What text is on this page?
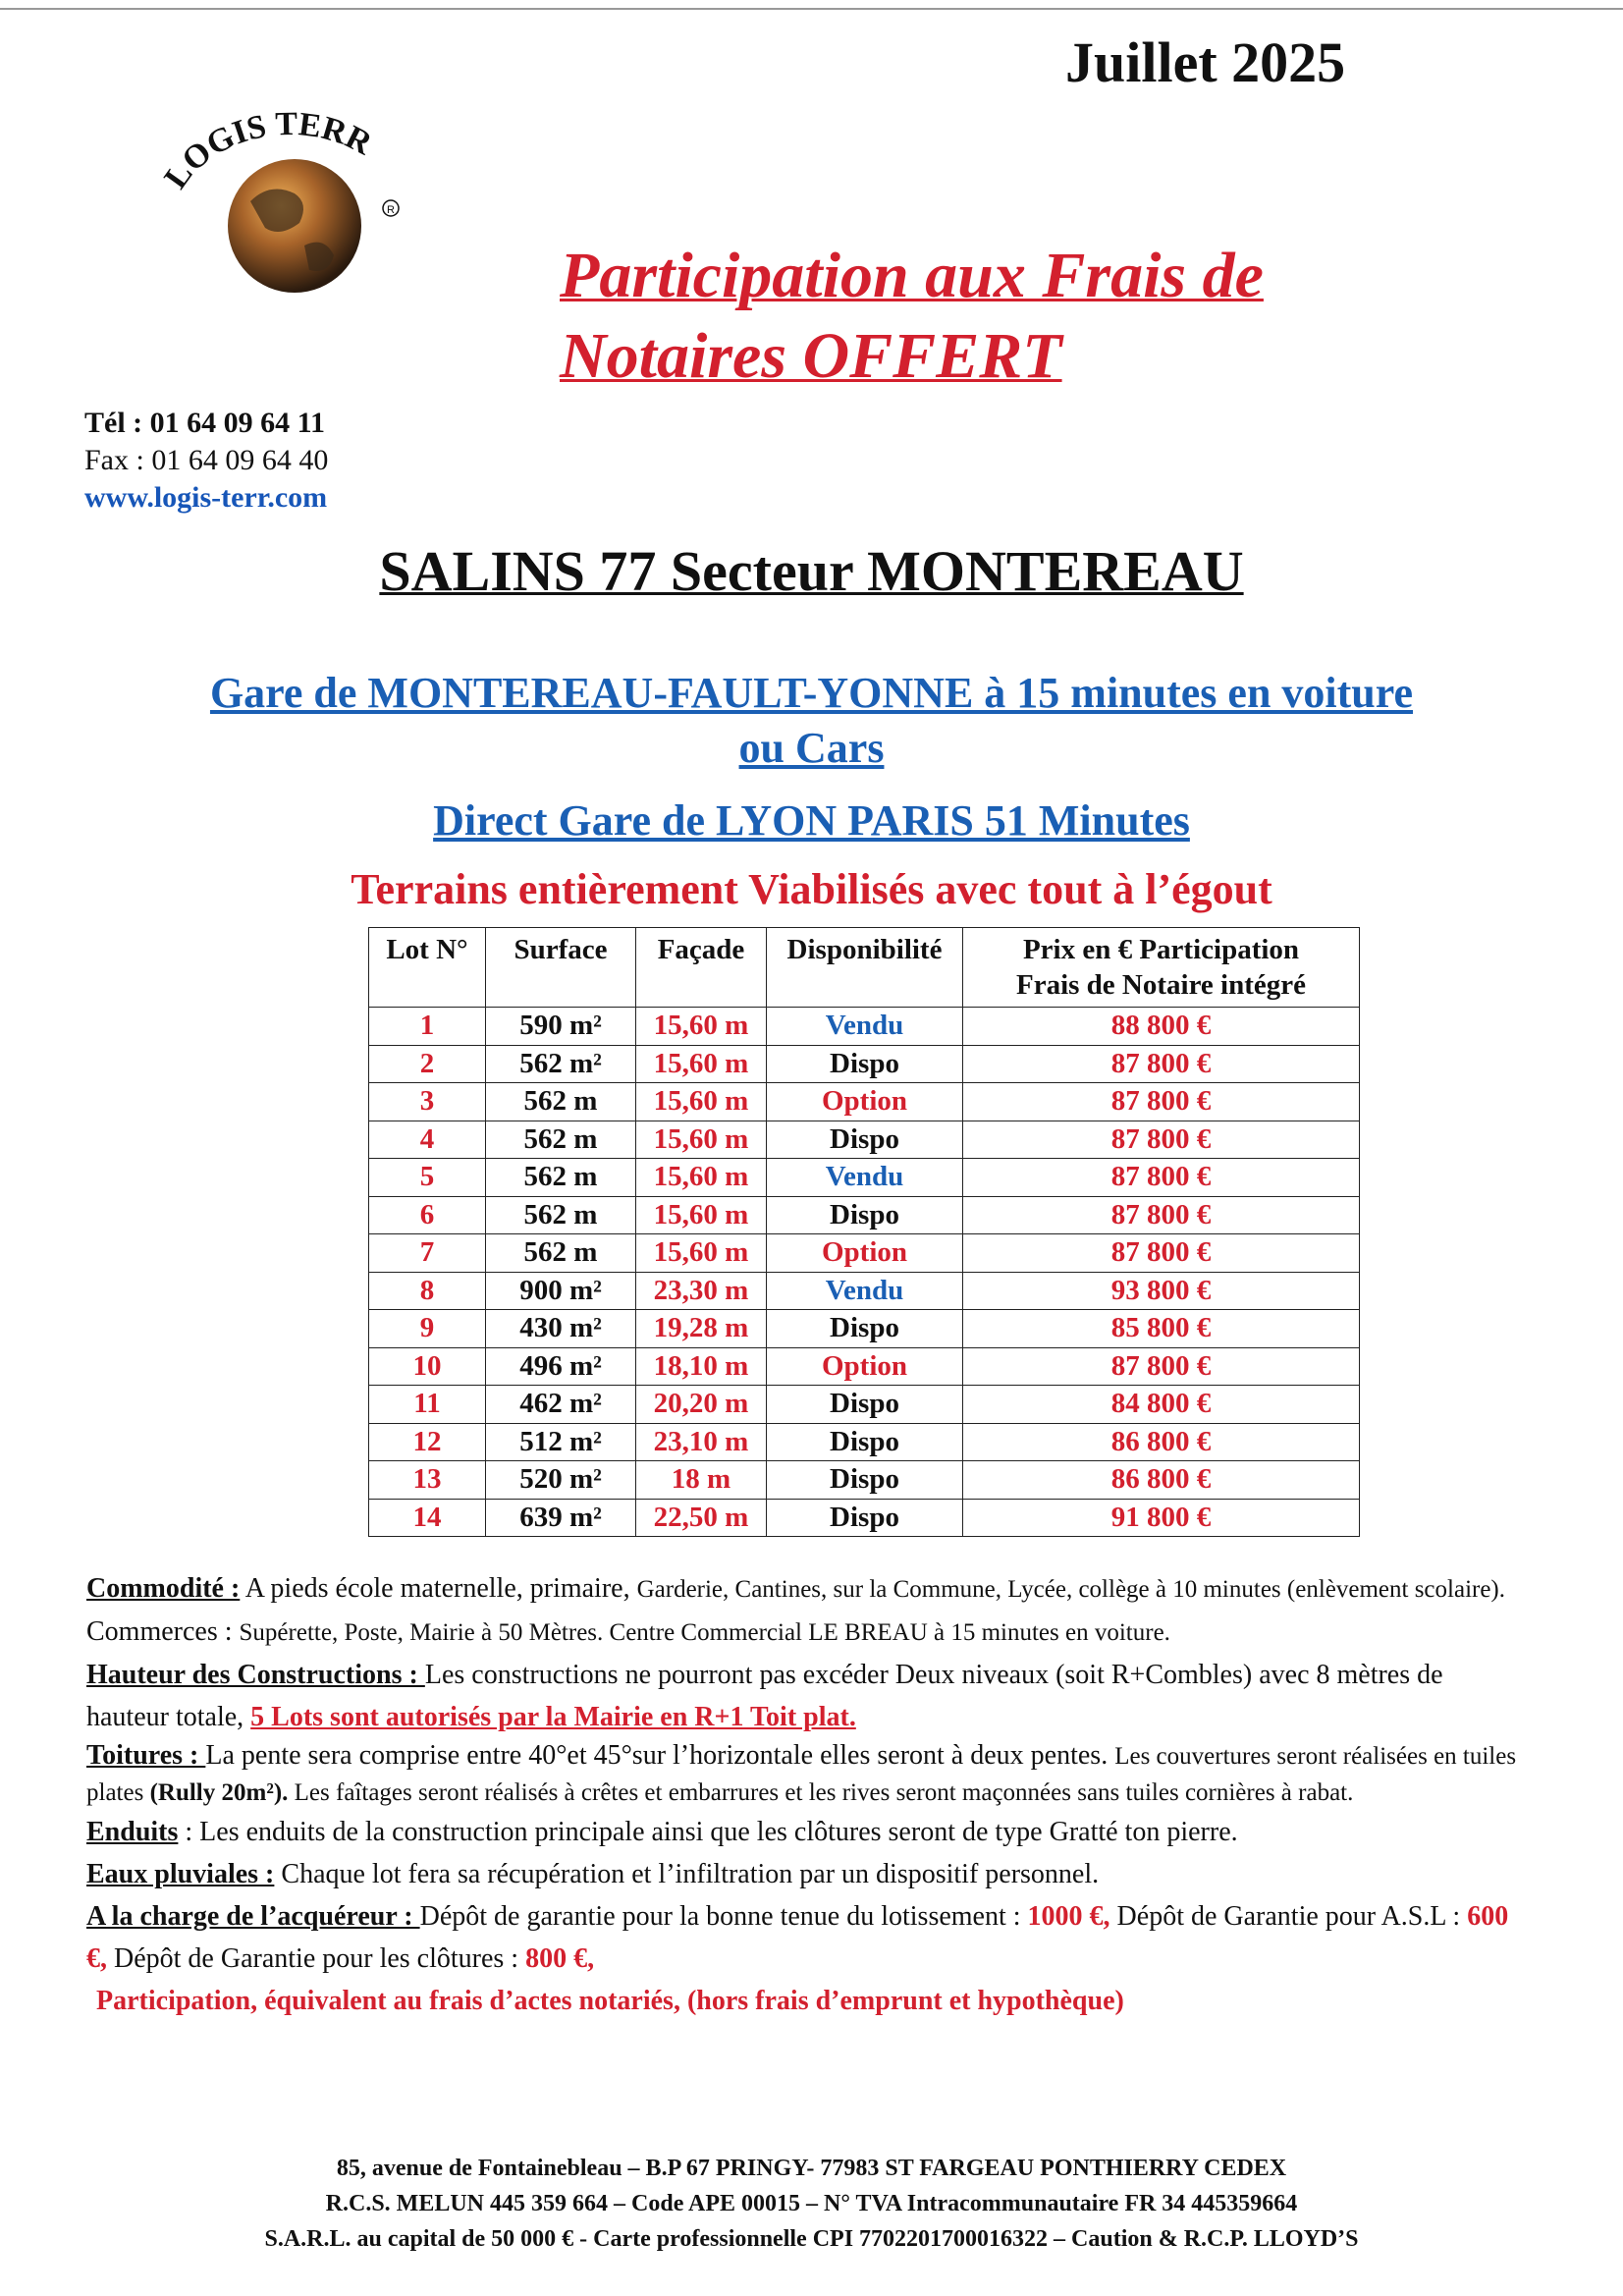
Juillet 2025
LOGIS TERR
R
Participation aux Frais de
Notaires OFFERT
Tél : 01 64 09 64 11
Fax : 01 64 09 64 40
www.logis-terr.com
SALINS 77 Secteur MONTEREAU
Gare de MONTEREAU-FAULT-YONNE à 15 minutes en voiture
ou Cars
Direct Gare de LYON PARIS 51 Minutes
Terrains entièrement Viabilisés avec tout à l’égout
Lot N°	Surface	Façade	Disponibilité	Prix en € Participation
Frais de Notaire intégré

1	590 m²	15,60 m	Vendu	88 800 €
2	562 m²	15,60 m	Dispo	87 800 €
3	562 m	15,60 m	Option	87 800 €
4	562 m	15,60 m	Dispo	87 800 €
5	562 m	15,60 m	Vendu	87 800 €
6	562 m	15,60 m	Dispo	87 800 €
7	562 m	15,60 m	Option	87 800 €
8	900 m²	23,30 m	Vendu	93 800 €
9	430 m²	19,28 m	Dispo	85 800 €
10	496 m²	18,10 m	Option	87 800 €
11	462 m²	20,20 m	Dispo	84 800 €
12	512 m²	23,10 m	Dispo	86 800 €
13	520 m²	18 m	Dispo	86 800 €
14	639 m²	22,50 m	Dispo	91 800 €

Commodité : A pieds école maternelle, primaire, Garderie, Cantines, sur la Commune, Lycée, collège à 10 minutes (enlèvement scolaire). Commerces : Supérette, Poste, Mairie à 50 Mètres. Centre Commercial LE BREAU à 15 minutes en voiture.

Hauteur des Constructions : Les constructions ne pourront pas excéder Deux niveaux (soit R+Combles) avec 8 mètres de hauteur totale, 5 Lots sont autorisés par la Mairie en R+1 Toit plat.

Toitures : La pente sera comprise entre 40°et 45°sur l’horizontale elles seront à deux pentes. Les couvertures seront réalisées en tuiles plates (Rully 20m²). Les faîtages seront réalisés à crêtes et embarrures et les rives seront maçonnées sans tuiles cornières à rabat.

Enduits : Les enduits de la construction principale ainsi que les clôtures seront de type Gratté ton pierre.

Eaux pluviales : Chaque lot fera sa récupération et l’infiltration par un dispositif personnel.

A la charge de l’acquéreur : Dépôt de garantie pour la bonne tenue du lotissement : 1000 €, Dépôt de Garantie pour A.S.L : 600 €, Dépôt de Garantie pour les clôtures : 800 €,

Participation, équivalent au frais d’actes notariés, (hors frais d’emprunt et hypothèque)

85, avenue de Fontainebleau – B.P 67 PRINGY- 77983 ST FARGEAU PONTHIERRY CEDEX
R.C.S. MELUN 445 359 664 – Code APE 00015 – N° TVA Intracommunautaire FR 34 445359664
S.A.R.L. au capital de 50 000 € - Carte professionnelle CPI 7702201700016322 – Caution & R.C.P. LLOYD’S
